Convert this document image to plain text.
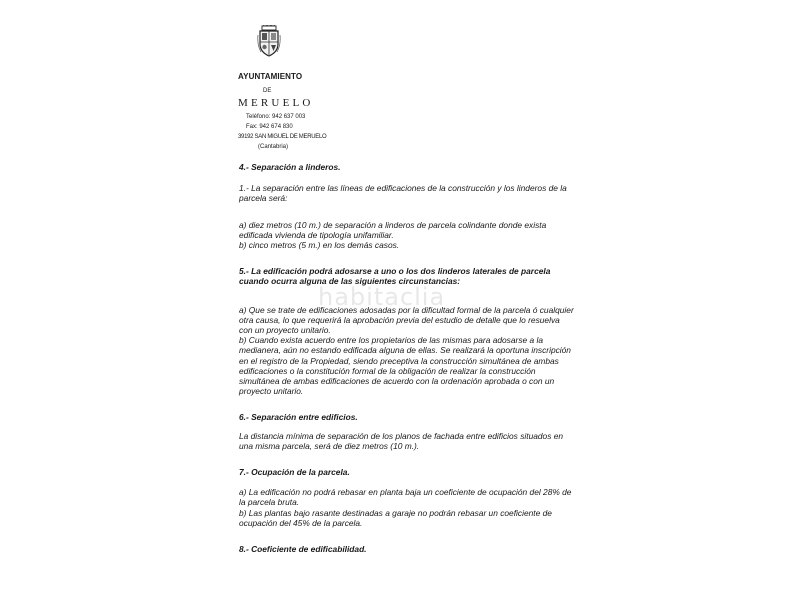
AYUNTAMIENTO
DE
MERUELO
Teléfono: 942 637 003
Fax: 942 674 830
39192 SAN MIGUEL DE MERUELO
(Cantabria)

4.- Separación a linderos.

1.- La separación entre las líneas de edificaciones de la construcción y los linderos de la
parcela será:

a) diez metros (10 m.) de separación a linderos de parcela colindante donde exista
edificada vivienda de tipología unifamiliar.
b) cinco metros (5 m.) en los demás casos.

5.- La edificación podrá adosarse a uno o los dos linderos laterales de parcela
cuando ocurra alguna de las siguientes circunstancias:

a) Que se trate de edificaciones adosadas por la dificultad formal de la parcela ó cualquier
otra causa, lo que requerirá la aprobación previa del estudio de detalle que lo resuelva
con un proyecto unitario.
b) Cuando exista acuerdo entre los propietarios de las mismas para adosarse a la
medianera, aún no estando edificada alguna de ellas. Se realizará la oportuna inscripción
en el registro de la Propiedad, siendo preceptiva la construcción simultánea de ambas
edificaciones o la constitución formal de la obligación de realizar la construcción
simultánea de ambas edificaciones de acuerdo con la ordenación aprobada o con un
proyecto unitario.

6.- Separación entre edificios.

La distancia mínima de separación de los planos de fachada entre edificios situados en
una misma parcela, será de diez metros (10 m.).

7.- Ocupación de la parcela.

a) La edificación no podrá rebasar en planta baja un coeficiente de ocupación del 28% de
la parcela bruta.
b) Las plantas bajo rasante destinadas a garaje no podrán rebasar un coeficiente de
ocupación del 45% de la parcela.

8.- Coeficiente de edificabilidad.

habitaclia
